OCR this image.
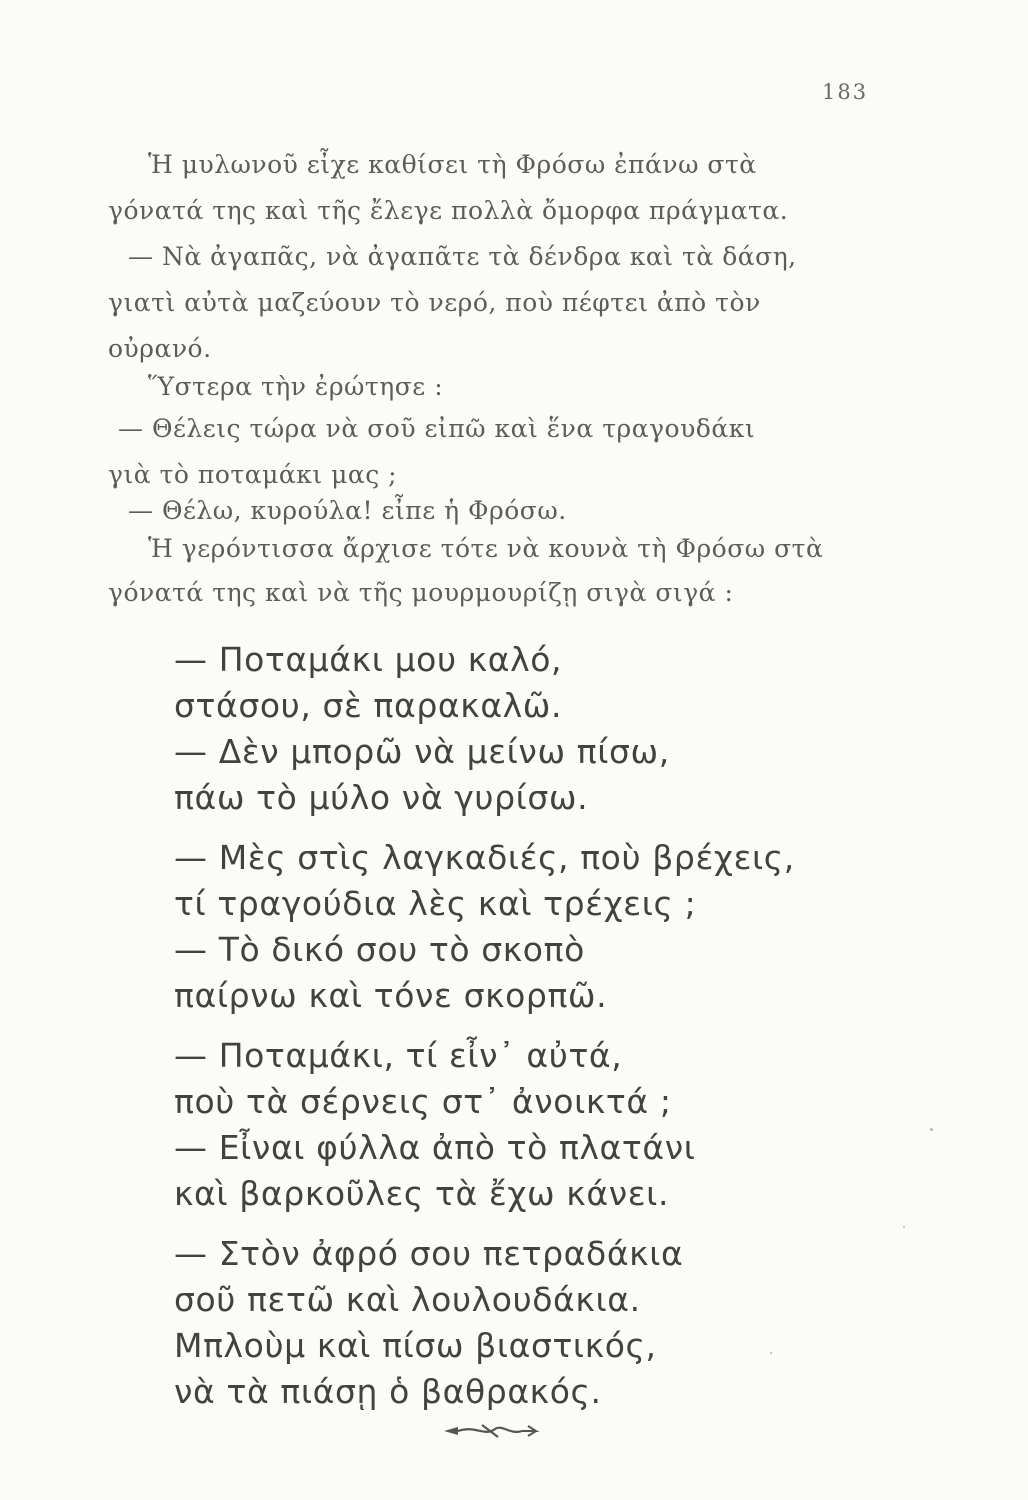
183
Ἡ μυλωνοῦ εἶχε καθίσει τὴ Φρόσω ἐπάνω στὰ
γόνατά της καὶ τῆς ἔλεγε πολλὰ ὄμορφα πράγματα.
— Νὰ ἀγαπᾶς, νὰ ἀγαπᾶτε τὰ δένδρα καὶ τὰ δάση,
γιατὶ αὐτὰ μαζεύουν τὸ νερό, ποὺ πέφτει ἀπὸ τὸν
οὐρανό.
Ὕστερα τὴν ἐρώτησε :
— Θέλεις τώρα νὰ σοῦ εἰπῶ καὶ ἕνα τραγουδάκι
γιὰ τὸ ποταμάκι μας ;
— Θέλω, κυρούλα! εἶπε ἡ Φρόσω.
Ἡ γερόντισσα ἄρχισε τότε νὰ κουνὰ τὴ Φρόσω στὰ
γόνατά της καὶ νὰ τῆς μουρμουρίζῃ σιγὰ σιγά :
— Ποταμάκι μου καλό,
στάσου, σὲ παρακαλῶ.
— Δὲν μπορῶ νὰ μείνω πίσω,
πάω τὸ μύλο νὰ γυρίσω.
— Μὲς στὶς λαγκαδιές, ποὺ βρέχεις,
τί τραγούδια λὲς καὶ τρέχεις ;
— Τὸ δικό σου τὸ σκοπὸ
παίρνω καὶ τόνε σκορπῶ.
— Ποταμάκι, τί εἶν᾿ αὐτά,
ποὺ τὰ σέρνεις στ᾿ ἀνοικτά ;
— Εἶναι φύλλα ἀπὸ τὸ πλατάνι
καὶ βαρκοῦλες τὰ ἔχω κάνει.
— Στὸν ἀφρό σου πετραδάκια
σοῦ πετῶ καὶ λουλουδάκια.
Μπλοὺμ καὶ πίσω βιαστικός,
νὰ τὰ πιάσῃ ὁ βαθρακός.
